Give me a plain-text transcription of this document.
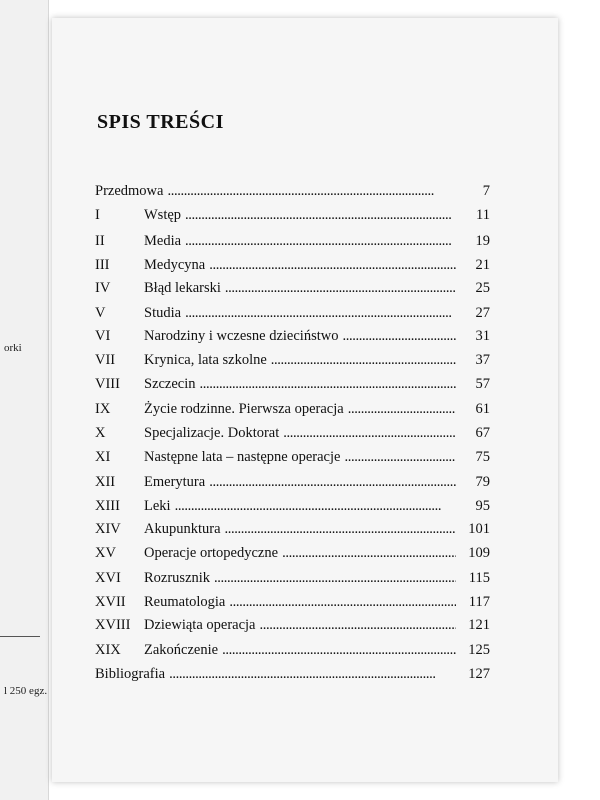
orki
l 250 egz.
SPIS TREŚCI
Przedmowa . . .	7
I	Wstęp . . .	11
II	Media . . .	19
III Medycyna . . .	21
IV Błąd lekarski . . .	25
V	Studia . . .	27
VI Narodziny i wczesne dzieciństwo . . .	31
VII Krynica, lata szkolne . . .	37
VIII Szczecin . . .	57
IX Życie rodzinne. Pierwsza operacja . . .	61
X	Specjalizacje. Doktorat . . .	67
XI Następne lata – następne operacje . . .	75
XII Emerytura . . .	79
XIII Leki . . .	95
XIV Akupunktura . . .	101
XV Operacje ortopedyczne . . .	109
XVI Rozrusznik . . .	115
XVII Reumatologia . . .	117
XVIII Dziewiąta operacja . . .	121
XIX Zakończenie . . .	125
Bibliografia . . .	127
